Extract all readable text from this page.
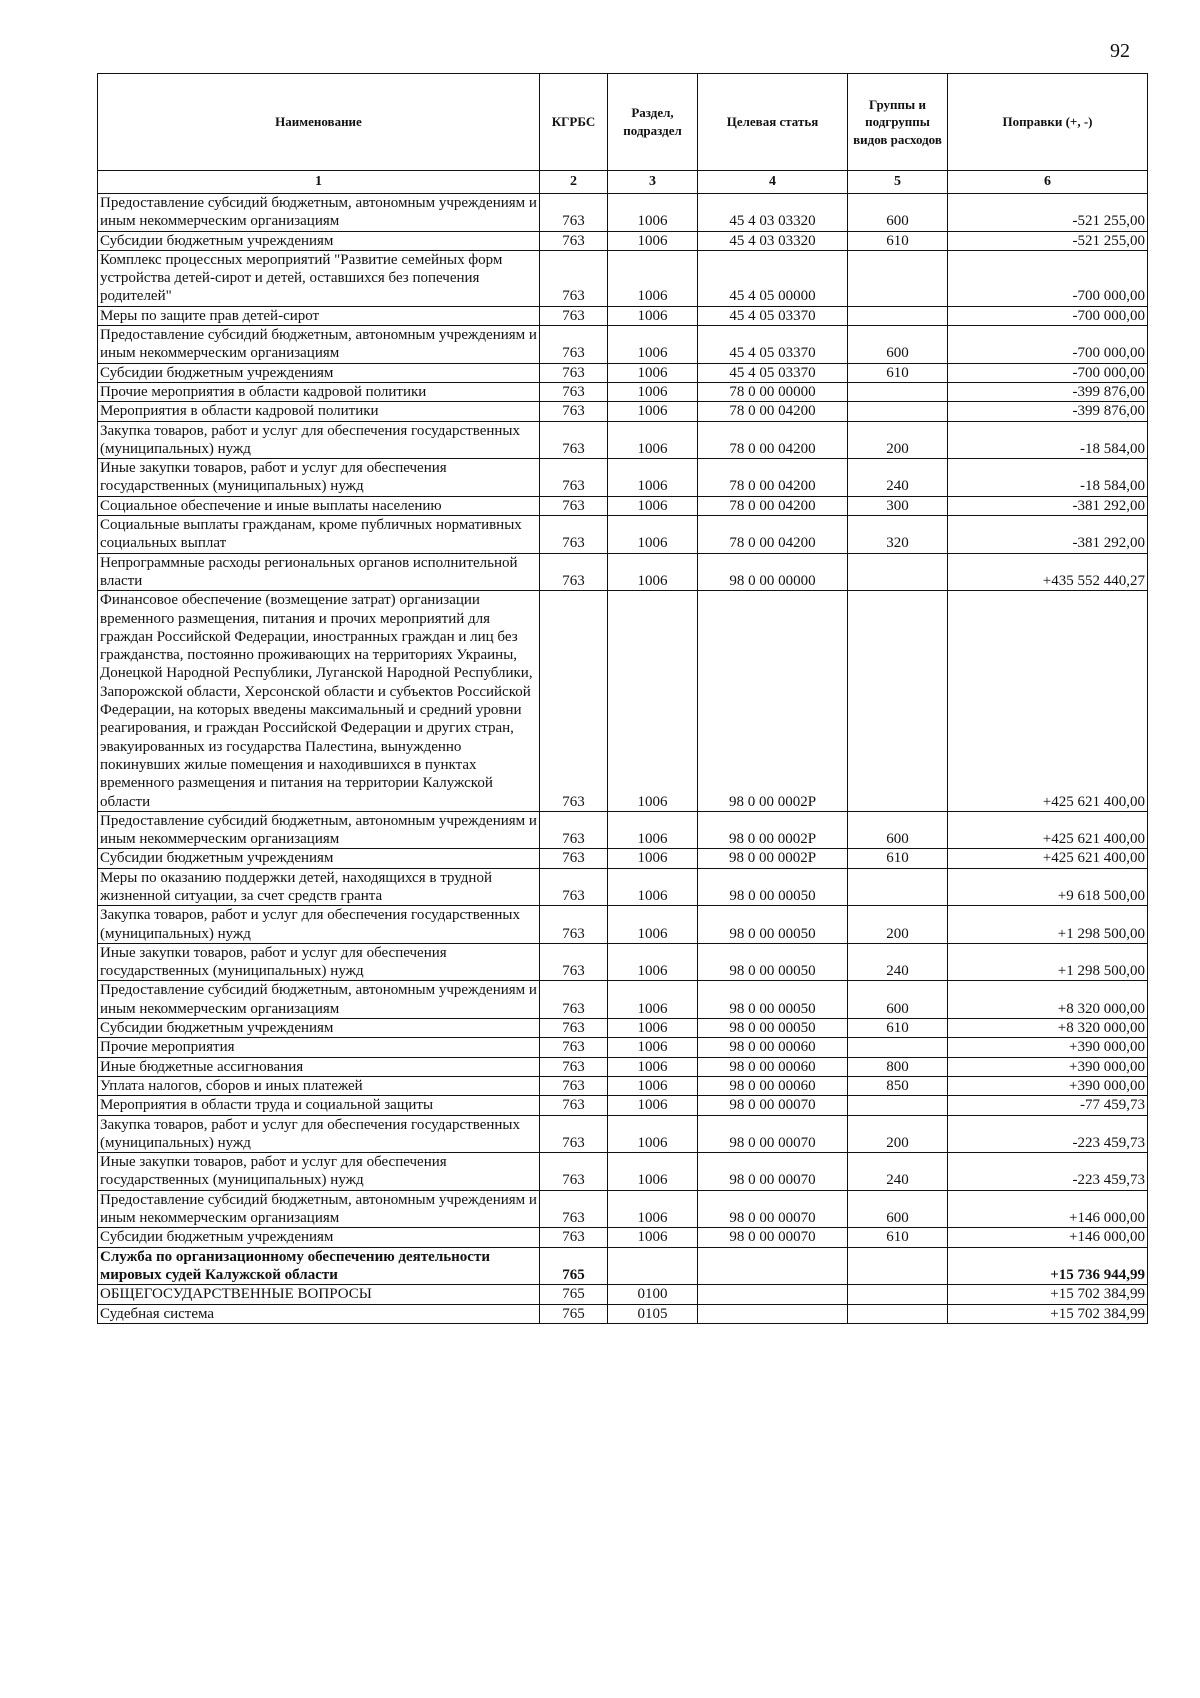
92
Наименование	КГРБС	Раздел, подраздел	Целевая статья	Группы и подгруппы видов расходов	Поправки (+, -)
1	2	3	4	5	6
Предоставление субсидий бюджетным, автономным учреждениям и иным некоммерческим организациям	763	1006	45 4 03 03320	600	-521 255,00
Субсидии бюджетным учреждениям	763	1006	45 4 03 03320	610	-521 255,00
Комплекс процессных мероприятий "Развитие семейных форм устройства детей-сирот и детей, оставшихся без попечения родителей"	763	1006	45 4 05 00000		-700 000,00
Меры по защите прав детей-сирот	763	1006	45 4 05 03370		-700 000,00
Предоставление субсидий бюджетным, автономным учреждениям и иным некоммерческим организациям	763	1006	45 4 05 03370	600	-700 000,00
Субсидии бюджетным учреждениям	763	1006	45 4 05 03370	610	-700 000,00
Прочие мероприятия в области кадровой политики	763	1006	78 0 00 00000		-399 876,00
Мероприятия в области кадровой политики	763	1006	78 0 00 04200		-399 876,00
Закупка товаров, работ и услуг для обеспечения государственных (муниципальных) нужд	763	1006	78 0 00 04200	200	-18 584,00
Иные закупки товаров, работ и услуг для обеспечения государственных (муниципальных) нужд	763	1006	78 0 00 04200	240	-18 584,00
Социальное обеспечение и иные выплаты населению	763	1006	78 0 00 04200	300	-381 292,00
Социальные выплаты гражданам, кроме публичных нормативных социальных выплат	763	1006	78 0 00 04200	320	-381 292,00
Непрограммные расходы региональных органов исполнительной власти	763	1006	98 0 00 00000		+435 552 440,27
Финансовое обеспечение (возмещение затрат) организации временного размещения, питания и прочих мероприятий для граждан Российской Федерации, иностранных граждан и лиц без гражданства, постоянно проживающих на территориях Украины, Донецкой Народной Республики, Луганской Народной Республики, Запорожской области, Херсонской области и субъектов Российской Федерации, на которых введены максимальный и средний уровни реагирования, и граждан Российской Федерации и других стран, эвакуированных из государства Палестина, вынужденно покинувших жилые помещения и находившихся в пунктах временного размещения и питания на территории Калужской области	763	1006	98 0 00 0002Р		+425 621 400,00
Предоставление субсидий бюджетным, автономным учреждениям и иным некоммерческим организациям	763	1006	98 0 00 0002Р	600	+425 621 400,00
Субсидии бюджетным учреждениям	763	1006	98 0 00 0002Р	610	+425 621 400,00
Меры по оказанию поддержки детей, находящихся в трудной жизненной ситуации, за счет средств гранта	763	1006	98 0 00 00050		+9 618 500,00
Закупка товаров, работ и услуг для обеспечения государственных (муниципальных) нужд	763	1006	98 0 00 00050	200	+1 298 500,00
Иные закупки товаров, работ и услуг для обеспечения государственных (муниципальных) нужд	763	1006	98 0 00 00050	240	+1 298 500,00
Предоставление субсидий бюджетным, автономным учреждениям и иным некоммерческим организациям	763	1006	98 0 00 00050	600	+8 320 000,00
Субсидии бюджетным учреждениям	763	1006	98 0 00 00050	610	+8 320 000,00
Прочие мероприятия	763	1006	98 0 00 00060		+390 000,00
Иные бюджетные ассигнования	763	1006	98 0 00 00060	800	+390 000,00
Уплата налогов, сборов и иных платежей	763	1006	98 0 00 00060	850	+390 000,00
Мероприятия в области труда и социальной защиты	763	1006	98 0 00 00070		-77 459,73
Закупка товаров, работ и услуг для обеспечения государственных (муниципальных) нужд	763	1006	98 0 00 00070	200	-223 459,73
Иные закупки товаров, работ и услуг для обеспечения государственных (муниципальных) нужд	763	1006	98 0 00 00070	240	-223 459,73
Предоставление субсидий бюджетным, автономным учреждениям и иным некоммерческим организациям	763	1006	98 0 00 00070	600	+146 000,00
Субсидии бюджетным учреждениям	763	1006	98 0 00 00070	610	+146 000,00
Служба по организационному обеспечению деятельности мировых судей Калужской области	765				+15 736 944,99
ОБЩЕГОСУДАРСТВЕННЫЕ ВОПРОСЫ	765	0100			+15 702 384,99
Судебная система	765	0105			+15 702 384,99
